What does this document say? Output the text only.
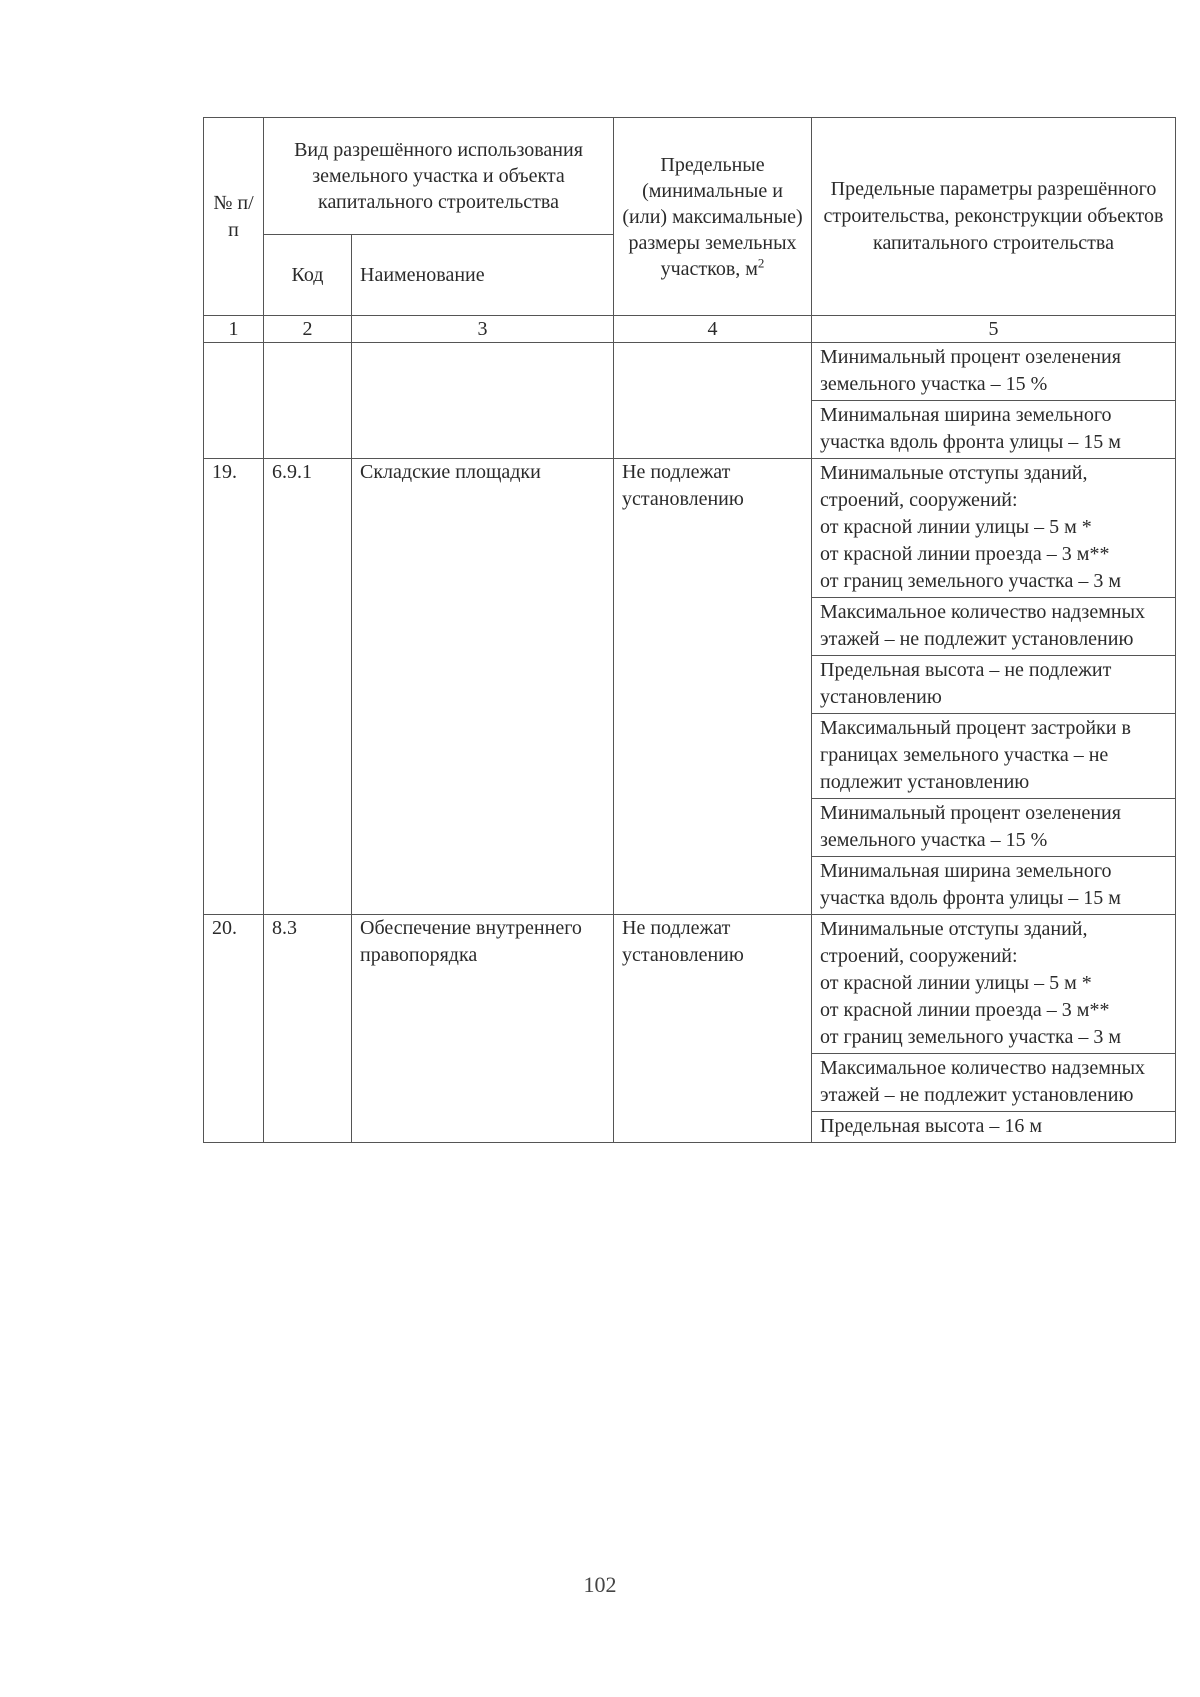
№ п/п	Вид разрешённого использования земельного участка и объекта капитального строительства		Предельные (минимальные и (или) максимальные) размеры земельных участков, $м^2$	Предельные параметры разрешённого строительства, реконструкции объектов капитального строительства
	Код	Наименование		
1	2	3	4	5
				Минимальный процент озеленения земельного участка – 15 %
				Минимальная ширина земельного участка вдоль фронта улицы – 15 м
19.	6.9.1	Складские площадки	Не подлежат установлению	Минимальные отступы зданий, строений, сооружений:
от красной линии улицы – 5 м *
от красной линии проезда – 3 м**
от границ земельного участка – 3 м

				Максимальное количество надземных этажей – не подлежит установлению
				Предельная высота – не подлежит установлению
				Максимальный процент застройки в границах земельного участка – не подлежит установлению
				Минимальный процент озеленения земельного участка – 15 %
				Минимальная ширина земельного участка вдоль фронта улицы – 15 м
20.	8.3	Обеспечение внутреннего правопорядка	Не подлежат установлению	Минимальные отступы зданий, строений, сооружений:
от красной линии улицы – 5 м *
от красной линии проезда – 3 м**
от границ земельного участка – 3 м

				Максимальное количество надземных этажей – не подлежит установлению
				Предельная высота – 16 м
102
